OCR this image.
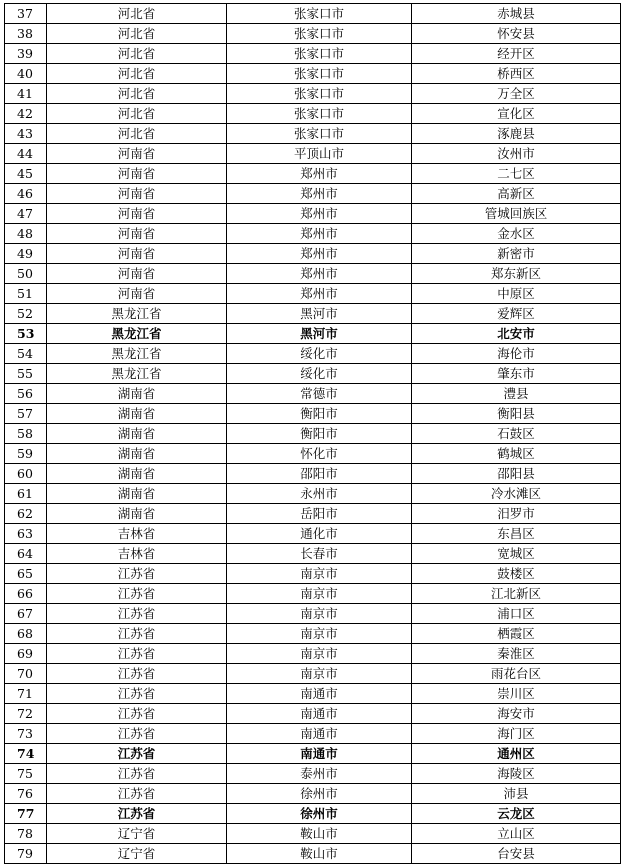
37	河北省	张家口市	赤城县
38	河北省	张家口市	怀安县
39	河北省	张家口市	经开区
40	河北省	张家口市	桥西区
41	河北省	张家口市	万全区
42	河北省	张家口市	宣化区
43	河北省	张家口市	涿鹿县
44	河南省	平顶山市	汝州市
45	河南省	郑州市	二七区
46	河南省	郑州市	高新区
47	河南省	郑州市	管城回族区
48	河南省	郑州市	金水区
49	河南省	郑州市	新密市
50	河南省	郑州市	郑东新区
51	河南省	郑州市	中原区
52	黑龙江省	黑河市	爱辉区
53	黑龙江省	黑河市	北安市
54	黑龙江省	绥化市	海伦市
55	黑龙江省	绥化市	肇东市
56	湖南省	常德市	澧县
57	湖南省	衡阳市	衡阳县
58	湖南省	衡阳市	石鼓区
59	湖南省	怀化市	鹤城区
60	湖南省	邵阳市	邵阳县
61	湖南省	永州市	冷水滩区
62	湖南省	岳阳市	汨罗市
63	吉林省	通化市	东昌区
64	吉林省	长春市	宽城区
65	江苏省	南京市	鼓楼区
66	江苏省	南京市	江北新区
67	江苏省	南京市	浦口区
68	江苏省	南京市	栖霞区
69	江苏省	南京市	秦淮区
70	江苏省	南京市	雨花台区
71	江苏省	南通市	崇川区
72	江苏省	南通市	海安市
73	江苏省	南通市	海门区
74	江苏省	南通市	通州区
75	江苏省	泰州市	海陵区
76	江苏省	徐州市	沛县
77	江苏省	徐州市	云龙区
78	辽宁省	鞍山市	立山区
79	辽宁省	鞍山市	台安县
